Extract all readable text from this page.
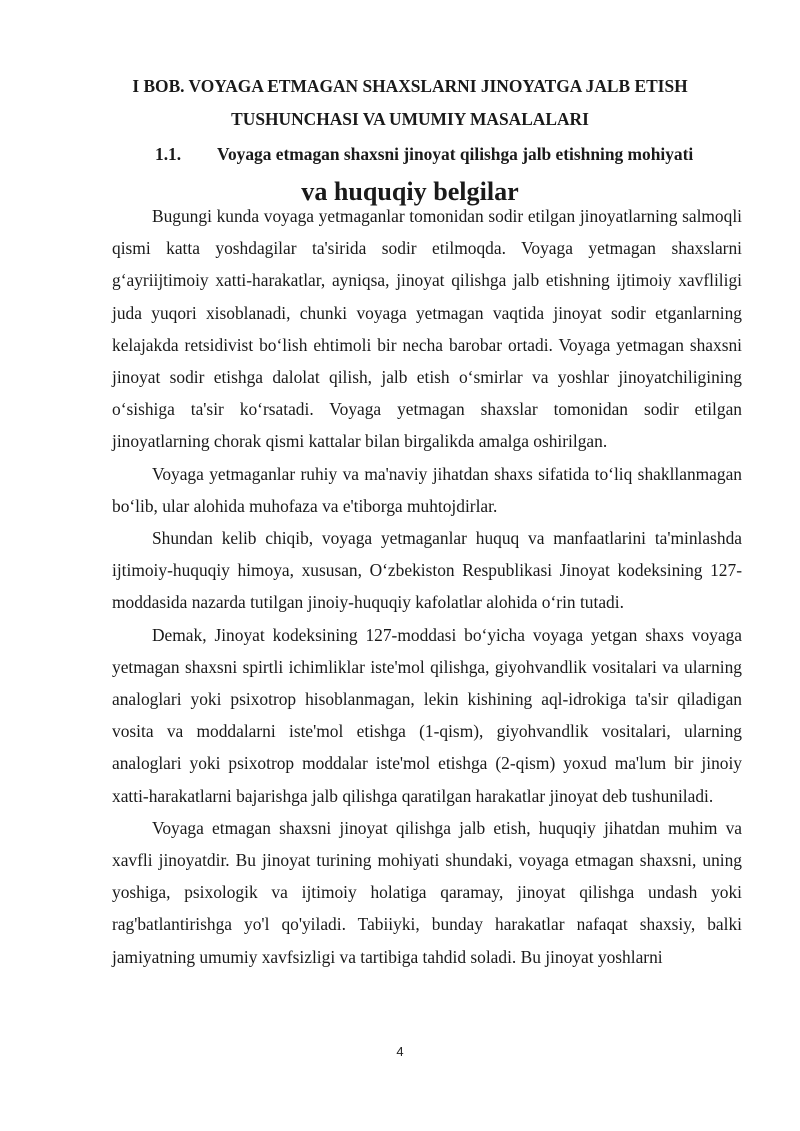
I BOB. VOYAGA ETMAGAN SHAXSLARNI JINOYATGA JALB ETISH
TUSHUNCHASI VA UMUMIY MASALALARI
1.1. Voyaga etmagan shaxsni jinoyat qilishga jalb etishning mohiyati
va huquqiy belgilar

Bugungi kunda voyaga yetmaganlar tomonidan sodir etilgan jinoyatlarning salmoqli qismi katta yoshdagilar ta'sirida sodir etilmoqda. Voyaga yetmagan shaxslarni g‘ayriijtimoiy xatti-harakatlar, ayniqsa, jinoyat qilishga jalb etishning ijtimoiy xavfliligi juda yuqori xisoblanadi, chunki voyaga yetmagan vaqtida jinoyat sodir etganlarning kelajakda retsidivist bo‘lish ehtimoli bir necha barobar ortadi. Voyaga yetmagan shaxsni jinoyat sodir etishga dalolat qilish, jalb etish o‘smirlar va yoshlar jinoyatchiligining o‘sishiga ta'sir ko‘rsatadi. Voyaga yetmagan shaxslar tomonidan sodir etilgan jinoyatlarning chorak qismi kattalar bilan birgalikda amalga oshirilgan.

Voyaga yetmaganlar ruhiy va ma'naviy jihatdan shaxs sifatida to‘liq shakllanmagan bo‘lib, ular alohida muhofaza va e'tiborga muhtojdirlar.

Shundan kelib chiqib, voyaga yetmaganlar huquq va manfaatlarini ta'minlashda ijtimoiy-huquqiy himoya, xususan, O‘zbekiston Respublikasi Jinoyat kodeksining 127-moddasida nazarda tutilgan jinoiy-huquqiy kafolatlar alohida o‘rin tutadi.

Demak, Jinoyat kodeksining 127-moddasi bo‘yicha voyaga yetgan shaxs voyaga yetmagan shaxsni spirtli ichimliklar iste'mol qilishga, giyohvandlik vositalari va ularning analoglari yoki psixotrop hisoblanmagan, lekin kishining aql-idrokiga ta'sir qiladigan vosita va moddalarni iste'mol etishga (1-qism), giyohvandlik vositalari, ularning analoglari yoki psixotrop moddalar iste'mol etishga (2-qism) yoxud ma'lum bir jinoiy xatti-harakatlarni bajarishga jalb qilishga qaratilgan harakatlar jinoyat deb tushuniladi.

Voyaga etmagan shaxsni jinoyat qilishga jalb etish, huquqiy jihatdan muhim va xavfli jinoyatdir. Bu jinoyat turining mohiyati shundaki, voyaga etmagan shaxsni, uning yoshiga, psixologik va ijtimoiy holatiga qaramay, jinoyat qilishga undash yoki rag'batlantirishga yo'l qo'yiladi. Tabiiyki, bunday harakatlar nafaqat shaxsiy, balki jamiyatning umumiy xavfsizligi va tartibiga tahdid soladi. Bu jinoyat yoshlarni

4
